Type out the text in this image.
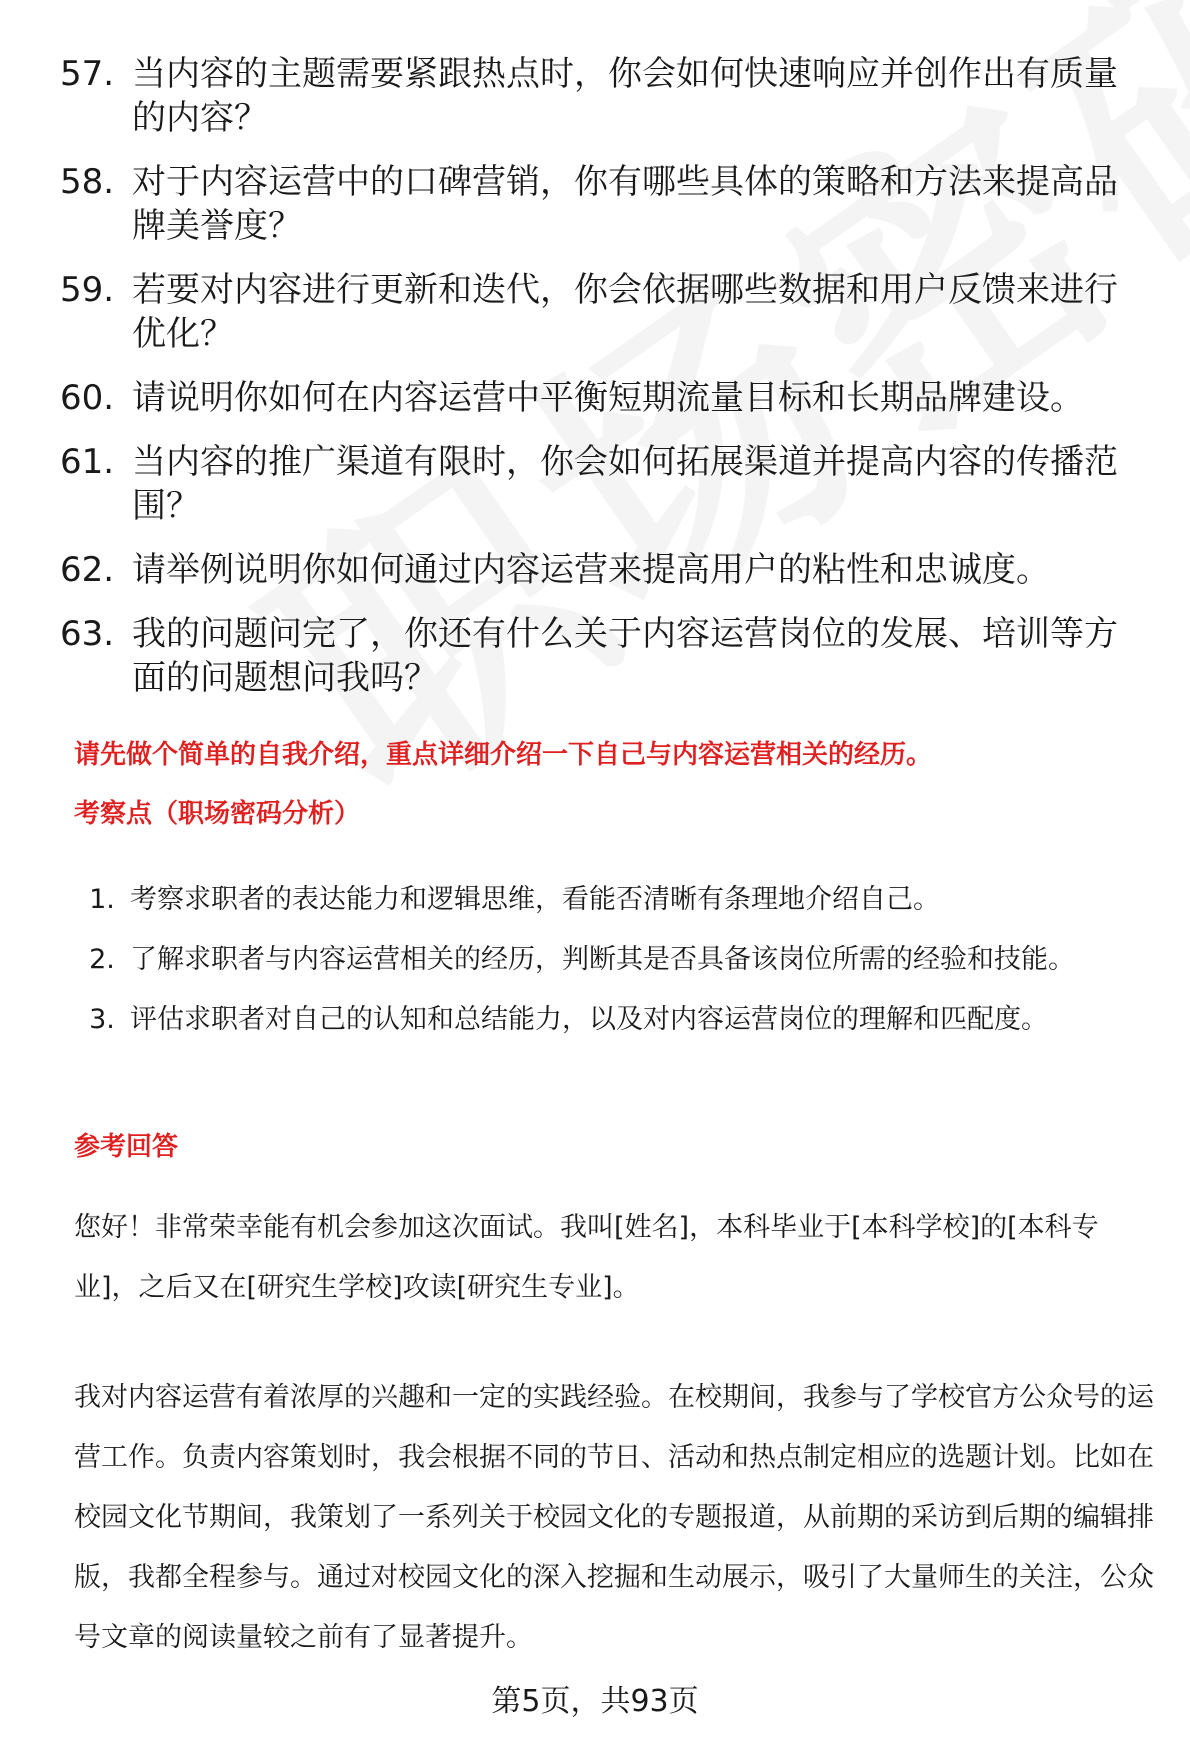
57. 当内容的主题需要紧跟热点时，你会如何快速响应并创作出有质量的内容？
58. 对于内容运营中的口碑营销，你有哪些具体的策略和方法来提高品牌美誉度？
59. 若要对内容进行更新和迭代，你会依据哪些数据和用户反馈来进行优化？
60. 请说明你如何在内容运营中平衡短期流量目标和长期品牌建设。
61. 当内容的推广渠道有限时，你会如何拓展渠道并提高内容的传播范围？
62. 请举例说明你如何通过内容运营来提高用户的粘性和忠诚度。
63. 我的问题问完了，你还有什么关于内容运营岗位的发展、培训等方面的问题想问我吗？
请先做个简单的自我介绍，重点详细介绍一下自己与内容运营相关的经历。
考察点（职场密码分析）
1. 考察求职者的表达能力和逻辑思维，看能否清晰有条理地介绍自己。
2. 了解求职者与内容运营相关的经历，判断其是否具备该岗位所需的经验和技能。
3. 评估求职者对自己的认知和总结能力，以及对内容运营岗位的理解和匹配度。
参考回答

您好！非常荣幸能有机会参加这次面试。我叫[姓名]，本科毕业于[本科学校]的[本科专业]，之后又在[研究生学校]攻读[研究生专业]。

我对内容运营有着浓厚的兴趣和一定的实践经验。在校期间，我参与了学校官方公众号的运营工作。负责内容策划时，我会根据不同的节日、活动和热点制定相应的选题计划。比如在校园文化节期间，我策划了一系列关于校园文化的专题报道，从前期的采访到后期的编辑排版，我都全程参与。通过对校园文化的深入挖掘和生动展示，吸引了大量师生的关注，公众号文章的阅读量较之前有了显著提升。

第5页，共93页
